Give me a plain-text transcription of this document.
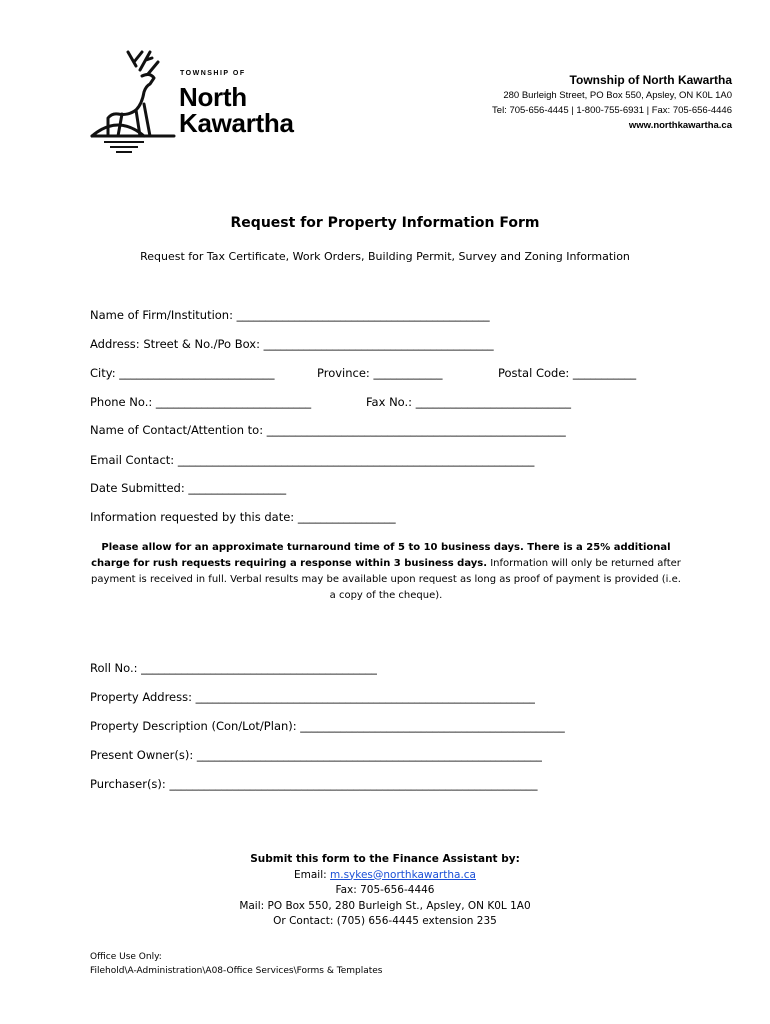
TOWNSHIP OF
North
Kawartha
Township of North Kawartha
280 Burleigh Street, PO Box 550, Apsley, ON K0L 1A0
Tel: 705-656-4445 | 1-800-755-6931 | Fax: 705-656-4446
www.northkawartha.ca
Request for Property Information Form
Request for Tax Certificate, Work Orders, Building Permit, Survey and Zoning Information
Name of Firm/Institution: ____________________________________________
Address: Street & No./Po Box: ________________________________________
City: ___________________________	Province: ____________	Postal Code: ___________
Phone No.: ___________________________	Fax No.: ___________________________
Name of Contact/Attention to: ____________________________________________________
Email Contact: ______________________________________________________________
Date Submitted: _________________
Information requested by this date: _________________
Please allow for an approximate turnaround time of 5 to 10 business days. There is a 25% additional charge for rush requests requiring a response within 3 business days. Information will only be returned after payment is received in full. Verbal results may be available upon request as long as proof of payment is provided (i.e. a copy of the cheque).
Roll No.: _________________________________________
Property Address: ___________________________________________________________
Property Description (Con/Lot/Plan): ______________________________________________
Present Owner(s): ____________________________________________________________
Purchaser(s): ________________________________________________________________
Submit this form to the Finance Assistant by:
Email: m.sykes@northkawartha.ca
Fax: 705-656-4446
Mail: PO Box 550, 280 Burleigh St., Apsley, ON K0L 1A0
Or Contact: (705) 656-4445 extension 235
Office Use Only:
Filehold\A-Administration\A08-Office Services\Forms & Templates
